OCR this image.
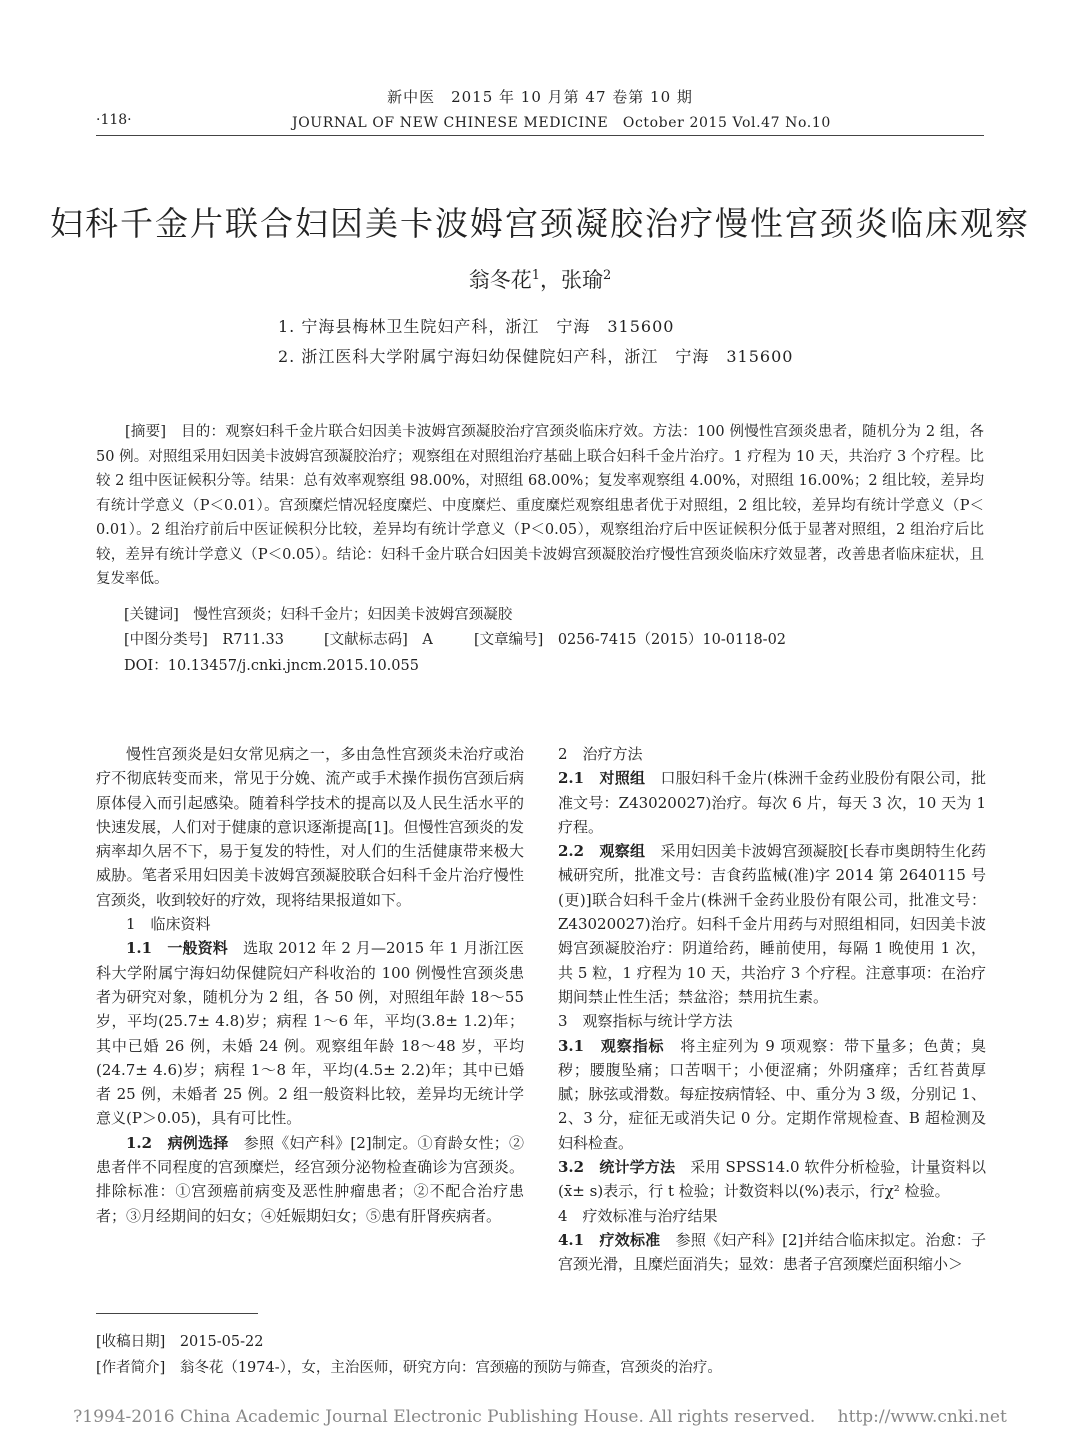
新中医　2015 年 10 月第 47 卷第 10 期
·118·	JOURNAL OF NEW CHINESE MEDICINE　October 2015 Vol.47 No.10
妇科千金片联合妇因美卡波姆宫颈凝胶治疗慢性宫颈炎临床观察
翁冬花$^1$，张瑜$^2$
1. 宁海县梅林卫生院妇产科，浙江　宁海　315600
2. 浙江医科大学附属宁海妇幼保健院妇产科，浙江　宁海　315600

[摘要]　目的：观察妇科千金片联合妇因美卡波姆宫颈凝胶治疗宫颈炎临床疗效。方法：100 例慢性宫颈炎患者，随机分为 2 组，各 50 例。对照组采用妇因美卡波姆宫颈凝胶治疗；观察组在对照组治疗基础上联合妇科千金片治疗。1 疗程为 10 天，共治疗 3 个疗程。比较 2 组中医证候积分等。结果：总有效率观察组 98.00%，对照组 68.00%；复发率观察组 4.00%，对照组 16.00%；2 组比较，差异均有统计学意义（P＜0.01）。宫颈糜烂情况轻度糜烂、中度糜烂、重度糜烂观察组患者优于对照组，2 组比较，差异均有统计学意义（P＜0.01）。2 组治疗前后中医证候积分比较，差异均有统计学意义（P＜0.05），观察组治疗后中医证候积分低于显著对照组，2 组治疗后比较，差异有统计学意义（P＜0.05）。结论：妇科千金片联合妇因美卡波姆宫颈凝胶治疗慢性宫颈炎临床疗效显著，改善患者临床症状，且复发率低。

[关键词]　慢性宫颈炎；妇科千金片；妇因美卡波姆宫颈凝胶
[中图分类号]　R711.33	[文献标志码]　A	[文章编号]　0256-7415（2015）10-0118-02
DOI：10.13457/j.cnki.jncm.2015.10.055

慢性宫颈炎是妇女常见病之一，多由急性宫颈炎未治疗或治疗不彻底转变而来，常见于分娩、流产或手术操作损伤宫颈后病原体侵入而引起感染。随着科学技术的提高以及人民生活水平的快速发展，人们对于健康的意识逐渐提高[1]。但慢性宫颈炎的发病率却久居不下，易于复发的特性，对人们的生活健康带来极大威胁。笔者采用妇因美卡波姆宫颈凝胶联合妇科千金片治疗慢性宫颈炎，收到较好的疗效，现将结果报道如下。

1　临床资料

1.1　一般资料　 选取 2012 年 2 月—2015 年 1 月浙江医科大学附属宁海妇幼保健院妇产科收治的 100 例慢性宫颈炎患者为研究对象，随机分为 2 组，各 50 例，对照组年龄 18～55 岁，平均(25.7± 4.8)岁；病程 1～6 年，平均(3.8± 1.2)年；其中已婚 26 例，未婚 24 例。观察组年龄 18～48 岁，平均(24.7± 4.6)岁；病程 1～8 年，平均(4.5± 2.2)年；其中已婚者 25 例，未婚者 25 例。2 组一般资料比较，差异均无统计学意义(P＞0.05)，具有可比性。

1.2　病例选择　 参照《妇产科》[2]制定。①育龄女性；②患者伴不同程度的宫颈糜烂，经宫颈分泌物检查确诊为宫颈炎。排除标准：①宫颈癌前病变及恶性肿瘤患者；②不配合治疗患者；③月经期间的妇女；④妊娠期妇女；⑤患有肝肾疾病者。

2　治疗方法

2.1　对照组　 口服妇科千金片(株洲千金药业股份有限公司，批准文号：Z43020027)治疗。每次 6 片，每天 3 次，10 天为 1 疗程。

2.2　观察组　 采用妇因美卡波姆宫颈凝胶[长春市奥朗特生化药械研究所，批准文号：吉食药监械(准)字 2014 第 2640115 号(更)]联合妇科千金片(株洲千金药业股份有限公司，批准文号：Z43020027)治疗。妇科千金片用药与对照组相同，妇因美卡波姆宫颈凝胶治疗：阴道给药，睡前使用，每隔 1 晚使用 1 次，共 5 粒，1 疗程为 10 天，共治疗 3 个疗程。注意事项：在治疗期间禁止性生活；禁盆浴；禁用抗生素。

3　观察指标与统计学方法

3.1　观察指标　 将主症列为 9 项观察：带下量多；色黄；臭秽；腰腹坠痛；口苦咽干；小便涩痛；外阴瘙痒；舌红苔黄厚腻；脉弦或滑数。每症按病情轻、中、重分为 3 级，分别记 1、2、3 分，症征无或消失记 0 分。定期作常规检查、B 超检测及妇科检查。

3.2　统计学方法　 采用 SPSS14.0 软件分析检验，计量资料以(x̄± s)表示，行 t 检验；计数资料以(%)表示，行χ² 检验。

4　疗效标准与治疗结果

4.1　疗效标准　 参照《妇产科》[2]并结合临床拟定。治愈：子宫颈光滑，且糜烂面消失；显效：患者子宫颈糜烂面积缩小＞

[收稿日期]　2015-05-22
[作者简介]　翁冬花（1974-），女，主治医师，研究方向：宫颈癌的预防与筛查，宫颈炎的治疗。
?1994-2016 China Academic Journal Electronic Publishing House. All rights reserved.　 http://www.cnki.net
